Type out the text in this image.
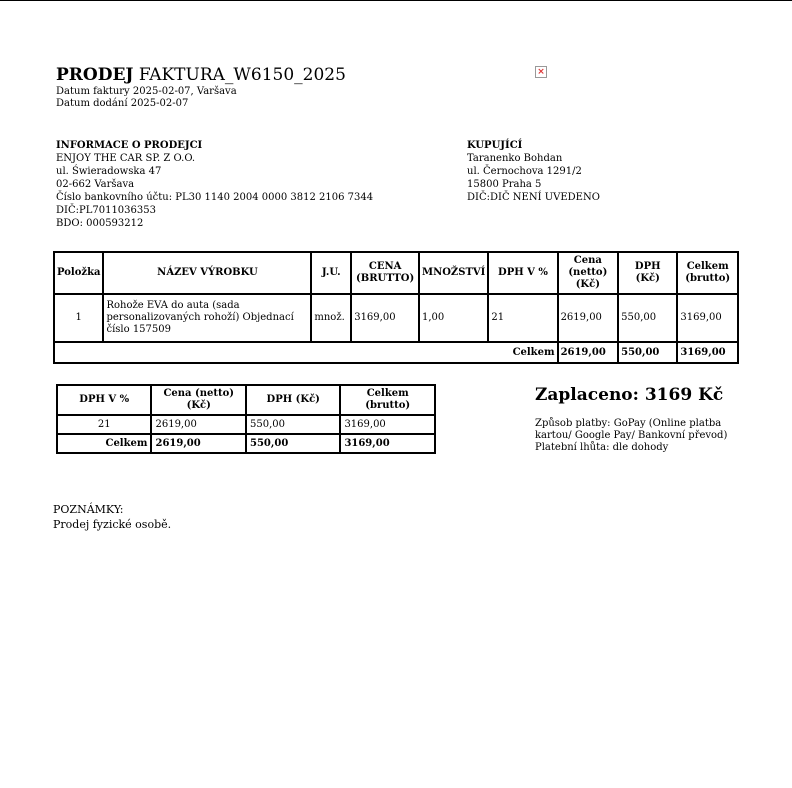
PRODEJ FAKTURA_W6150_2025
Datum faktury 2025-02-07, Varšava
Datum dodání 2025-02-07
×
INFORMACE O PRODEJCI
ENJOY THE CAR SP. Z O.O.
ul. Świeradowska 47
02-662 Varšava
Číslo bankovního účtu: PL30 1140 2004 0000 3812 2106 7344
DIČ:PL7011036353
BDO: 000593212
KUPUJÍCÍ
Taranenko Bohdan
ul. Černochova 1291/2
15800 Praha 5
DIČ:DIČ NENÍ UVEDENO
Položka	NÁZEV VÝROBKU	J.U.	CENA (BRUTTO)	MNOŽSTVÍ	DPH V %	Cena (netto) (Kč)	DPH (Kč)	Celkem (brutto)
1	Rohože EVA do auta (sada personalizovaných rohoží) Objednací číslo 157509	množ.	3169,00	1,00	21	2619,00	550,00	3169,00
Celkem						2619,00	550,00	3169,00
DPH V %	Cena (netto) (Kč)	DPH (Kč)	Celkem (brutto)
21	2619,00	550,00	3169,00
Celkem	2619,00	550,00	3169,00
Zaplaceno: 3169 Kč
Způsob platby: GoPay (Online platba kartou/ Google Pay/ Bankovní převod)
Platební lhůta: dle dohody
POZNÁMKY:
Prodej fyzické osobě.
